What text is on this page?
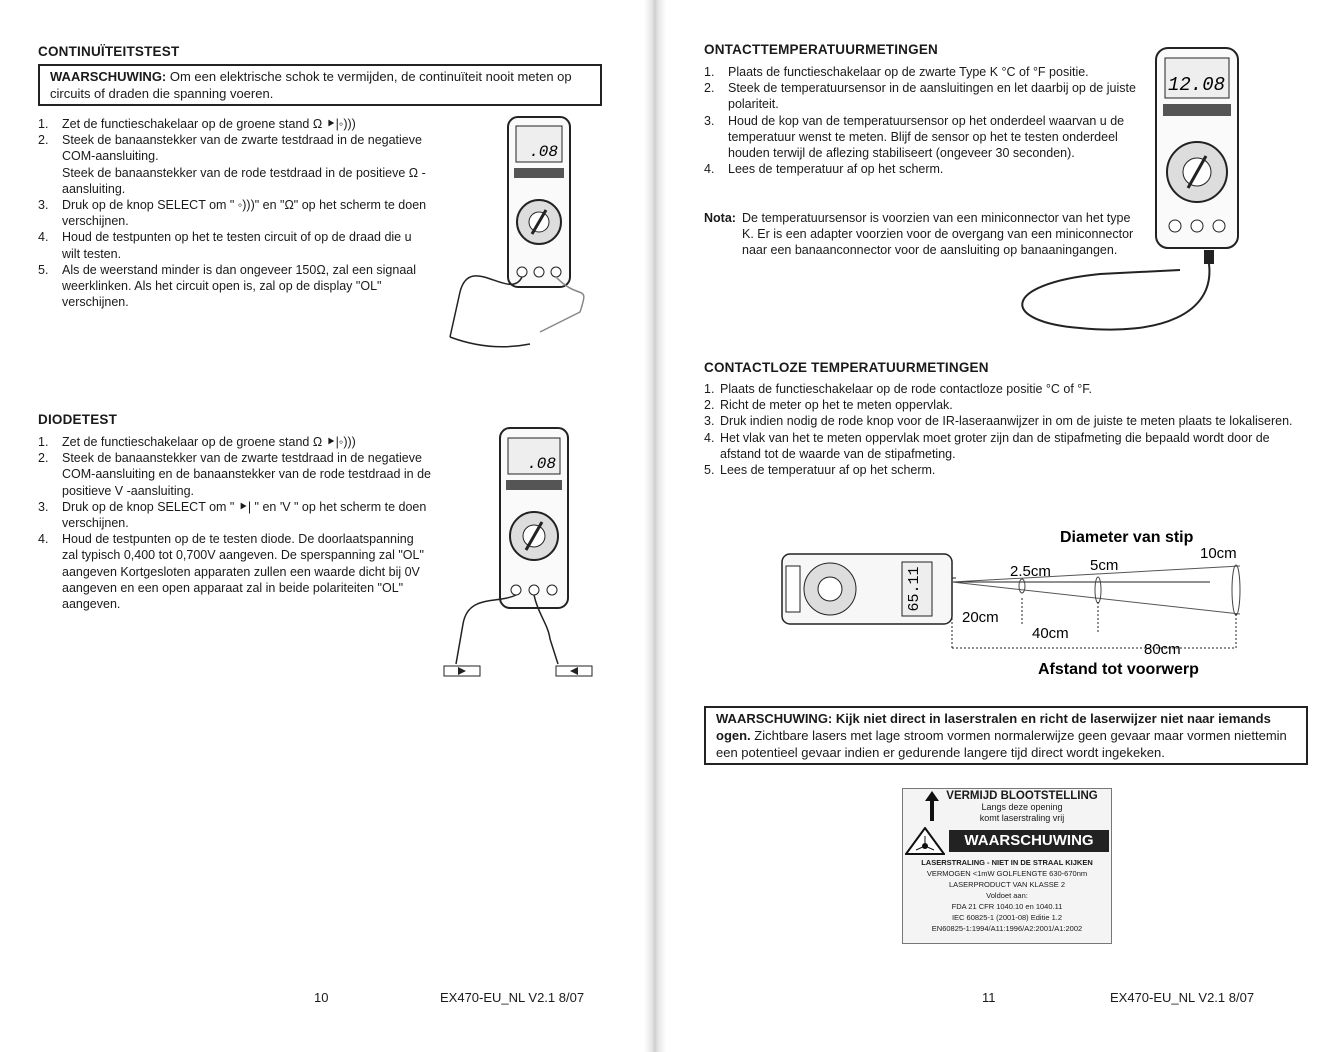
CONTINUÏTEITSTEST
WAARSCHUWING: Om een elektrische schok te vermijden, de continuïteit nooit meten op circuits of draden die spanning voeren.
1. Zet de functieschakelaar op de groene stand Ω ⯈|◦)))
2. Steek de banaanstekker van de zwarte testdraad in de negatieve COM-aansluiting.
Steek de banaanstekker van de rode testdraad in de positieve Ω -aansluiting.
3. Druk op de knop SELECT om " ◦)))" en "Ω" op het scherm te doen verschijnen.
4. Houd de testpunten op het te testen circuit of op de draad die u wilt testen.
5. Als de weerstand minder is dan ongeveer 150Ω, zal een signaal weerklinken. Als het circuit open is, zal op de display "OL" verschijnen.
.08
DIODETEST
1. Zet de functieschakelaar op de groene stand Ω ⯈|◦)))
2. Steek de banaanstekker van de zwarte testdraad in de negatieve COM-aansluiting en de banaanstekker van de rode testdraad in de positieve V -aansluiting.
3. Druk op de knop SELECT om " ⯈| " en 'V " op het scherm te doen verschijnen.
4. Houd de testpunten op de te testen diode. De doorlaatspanning zal typisch 0,400 tot 0,700V aangeven. De sperspanning zal "OL" aangeven Kortgesloten apparaten zullen een waarde dicht bij 0V aangeven en een open apparaat zal in beide polariteiten "OL" aangeven.
.08
10	EX470-EU_NL V2.1 8/07
ONTACTTEMPERATUURMETINGEN
1. Plaats de functieschakelaar op de zwarte Type K °C of °F positie.
2. Steek de temperatuursensor in de aansluitingen en let daarbij op de juiste polariteit.
3. Houd de kop van de temperatuursensor op het onderdeel waarvan u de temperatuur wenst te meten. Blijf de sensor op het te testen onderdeel houden terwijl de aflezing stabiliseert (ongeveer 30 seconden).
4. Lees de temperatuur af op het scherm.
Nota: De temperatuursensor is voorzien van een miniconnector van het type K. Er is een adapter voorzien voor de overgang van een miniconnector naar een banaanconnector voor de aansluiting op banaaningangen.
12.08
CONTACTLOZE TEMPERATUURMETINGEN
1. Plaats de functieschakelaar op de rode contactloze positie °C of °F.
2. Richt de meter op het te meten oppervlak.
3. Druk indien nodig de rode knop voor de IR-laseraanwijzer in om de juiste te meten plaats te lokaliseren.
4. Het vlak van het te meten oppervlak moet groter zijn dan de stipafmeting die bepaald wordt door de afstand tot de waarde van de stipafmeting.
5. Lees de temperatuur af op het scherm.
65.11
Diameter van stip
2.5cm	5cm
10cm
20cm
40cm
80cm
Afstand tot voorwerp
WAARSCHUWING: Kijk niet direct in laserstralen en richt de laserwijzer niet naar iemands ogen. Zichtbare lasers met lage stroom vormen normalerwijze geen gevaar maar vormen niettemin een potentieel gevaar indien er gedurende langere tijd direct wordt ingekeken.
VERMIJD BLOOTSTELLING
Langs deze opening
komt laserstraling vrij
WAARSCHUWING
LASERSTRALING - NIET IN DE STRAAL KIJKEN
VERMOGEN <1mW GOLFLENGTE 630-670nm
LASERPRODUCT VAN KLASSE 2
Voldoet aan:
FDA 21 CFR 1040.10 en 1040.11
IEC 60825-1 (2001-08) Editie 1.2
EN60825-1:1994/A11:1996/A2:2001/A1:2002
11	EX470-EU_NL V2.1 8/07
